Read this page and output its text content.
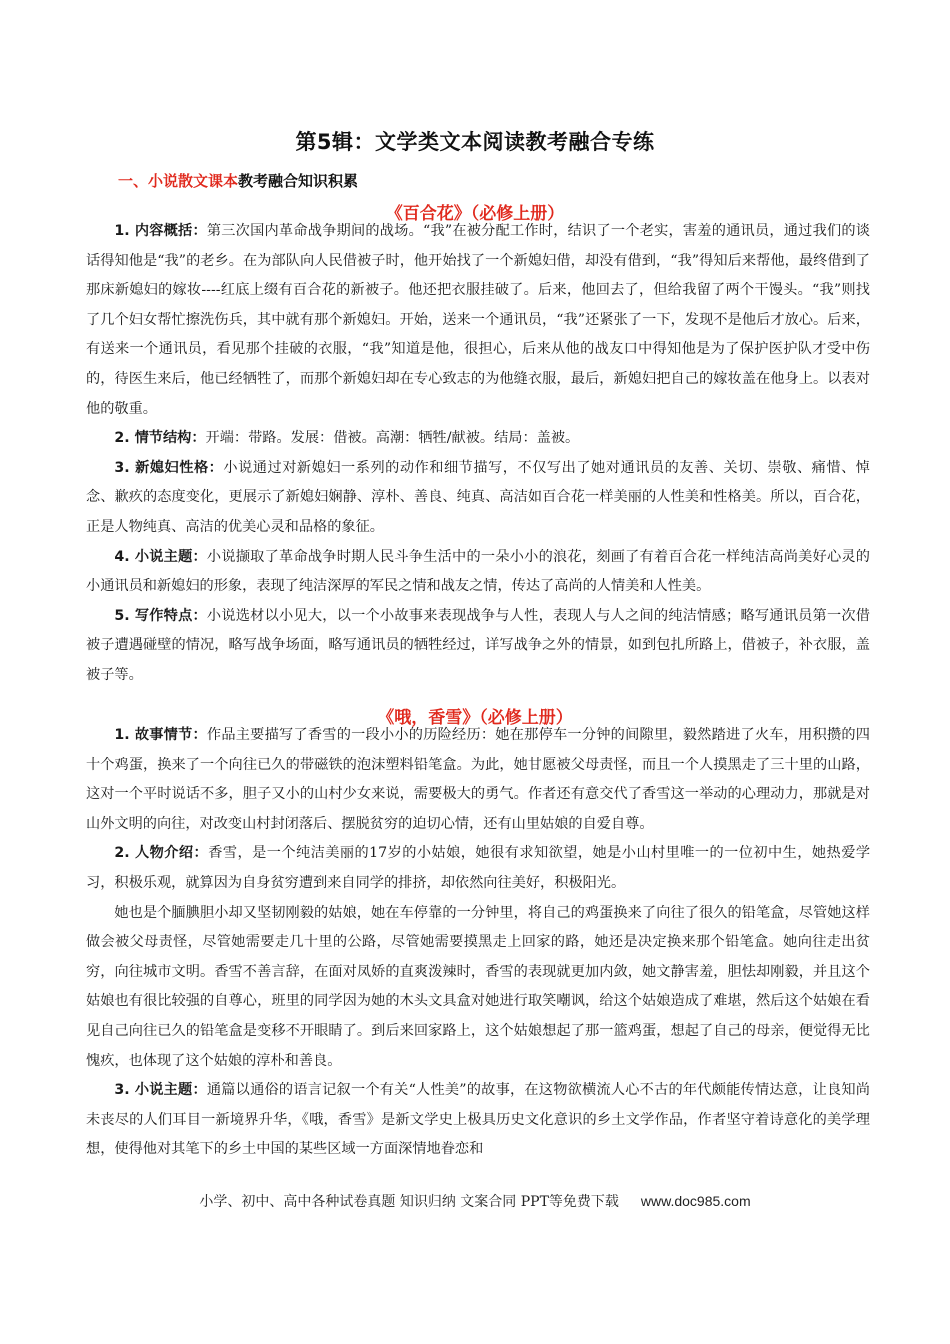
第5辑：文学类文本阅读教考融合专练
一、小说散文课本教考融合知识积累
《百合花》（必修上册）

1. 内容概括：第三次国内革命战争期间的战场。“我”在被分配工作时，结识了一个老实，害羞的通讯员，通过我们的谈话得知他是“我”的老乡。在为部队向人民借被子时，他开始找了一个新媳妇借，却没有借到，“我”得知后来帮他，最终借到了那床新媳妇的嫁妆----红底上缀有百合花的新被子。他还把衣服挂破了。后来，他回去了，但给我留了两个干馒头。“我”则找了几个妇女帮忙擦洗伤兵，其中就有那个新媳妇。开始，送来一个通讯员，“我”还紧张了一下，发现不是他后才放心。后来，有送来一个通讯员，看见那个挂破的衣服，“我”知道是他，很担心，后来从他的战友口中得知他是为了保护医护队才受中伤的，待医生来后，他已经牺牲了，而那个新媳妇却在专心致志的为他缝衣服，最后，新媳妇把自己的嫁妆盖在他身上。以表对他的敬重。

2. 情节结构：开端：带路。发展：借被。高潮：牺牲/献被。结局：盖被。

3. 新媳妇性格：小说通过对新媳妇一系列的动作和细节描写，不仅写出了她对通讯员的友善、关切、崇敬、痛惜、悼念、歉疚的态度变化，更展示了新媳妇娴静、淳朴、善良、纯真、高洁如百合花一样美丽的人性美和性格美。所以，百合花，正是人物纯真、高洁的优美心灵和品格的象征。

4. 小说主题：小说撷取了革命战争时期人民斗争生活中的一朵小小的浪花，刻画了有着百合花一样纯洁高尚美好心灵的小通讯员和新媳妇的形象，表现了纯洁深厚的军民之情和战友之情，传达了高尚的人情美和人性美。

5. 写作特点：小说选材以小见大，以一个小故事来表现战争与人性，表现人与人之间的纯洁情感；略写通讯员第一次借被子遭遇碰壁的情况，略写战争场面，略写通讯员的牺牲经过，详写战争之外的情景，如到包扎所路上，借被子，补衣服，盖被子等。

《哦，香雪》（必修上册）

1. 故事情节：作品主要描写了香雪的一段小小的历险经历：她在那停车一分钟的间隙里，毅然踏进了火车，用积攒的四十个鸡蛋，换来了一个向往已久的带磁铁的泡沫塑料铅笔盒。为此，她甘愿被父母责怪，而且一个人摸黑走了三十里的山路，这对一个平时说话不多，胆子又小的山村少女来说，需要极大的勇气。作者还有意交代了香雪这一举动的心理动力，那就是对山外文明的向往，对改变山村封闭落后、摆脱贫穷的迫切心情，还有山里姑娘的自爱自尊。

2. 人物介绍：香雪，是一个纯洁美丽的17岁的小姑娘，她很有求知欲望，她是小山村里唯一的一位初中生，她热爱学习，积极乐观，就算因为自身贫穷遭到来自同学的排挤，却依然向往美好，积极阳光。

她也是个腼腆胆小却又坚韧刚毅的姑娘，她在车停靠的一分钟里，将自己的鸡蛋换来了向往了很久的铅笔盒，尽管她这样做会被父母责怪，尽管她需要走几十里的公路，尽管她需要摸黑走上回家的路，她还是决定换来那个铅笔盒。她向往走出贫穷，向往城市文明。香雪不善言辞，在面对凤娇的直爽泼辣时，香雪的表现就更加内敛，她文静害羞，胆怯却刚毅，并且这个姑娘也有很比较强的自尊心，班里的同学因为她的木头文具盒对她进行取笑嘲讽，给这个姑娘造成了难堪，然后这个姑娘在看见自己向往已久的铅笔盒是变移不开眼睛了。到后来回家路上，这个姑娘想起了那一篮鸡蛋，想起了自己的母亲，便觉得无比愧疚，也体现了这个姑娘的淳朴和善良。

3. 小说主题：通篇以通俗的语言记叙一个有关“人性美”的故事，在这物欲横流人心不古的年代颇能传情达意，让良知尚未丧尽的人们耳目一新境界升华，《哦，香雪》是新文学史上极具历史文化意识的乡土文学作品，作者坚守着诗意化的美学理想，使得他对其笔下的乡土中国的某些区域一方面深情地眷恋和

小学、初中、高中各种试卷真题 知识归纳 文案合同 PPT等免费下载 www.doc985.com
